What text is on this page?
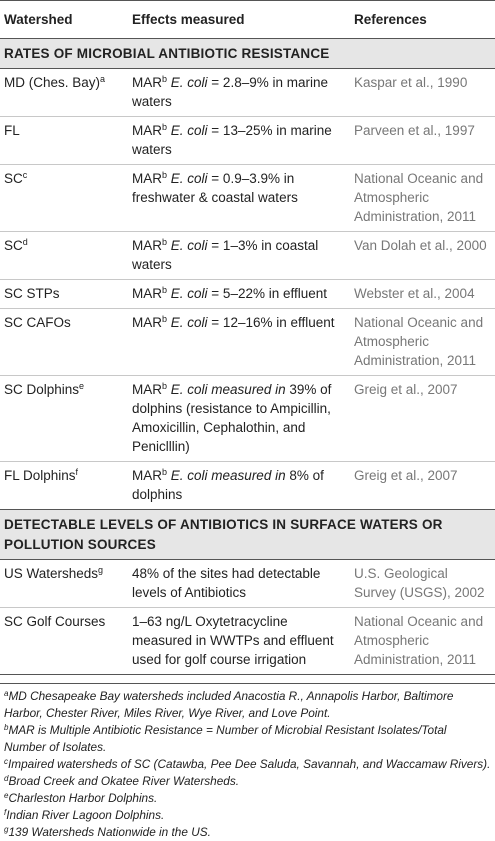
Watershed	Effects measured	References
RATES OF MICROBIAL ANTIBIOTIC RESISTANCE		
MD (Ches. Bay)$^a$	MAR$^b$ E. coli = 2.8–9% in marine waters	Kaspar et al., 1990
FL	MAR$^b$ E. coli = 13–25% in marine waters	Parveen et al., 1997
$SC^c$	MAR$^b$ E. coli = 0.9–3.9% in freshwater & coastal waters	National Oceanic and Atmospheric Administration, 2011
$SC^d$	MAR$^b$ E. coli = 1–3% in coastal waters	Van Dolah et al., 2000
SC STPs	MAR$^b$ E. coli = 5–22% in effluent	Webster et al., 2004
SC CAFOs	MAR$^b$ E. coli = 12–16% in effluent	National Oceanic and Atmospheric Administration, 2011
SC Dolphins$^e$	MAR$^b$ E. coli measured in 39% of dolphins (resistance to Ampicillin, Amoxicillin, Cephalothin, and Peniclllin)	Greig et al., 2007
FL Dolphins$^f$	MAR$^b$ E. coli measured in 8% of dolphins	Greig et al., 2007
DETECTABLE LEVELS OF ANTIBIOTICS IN SURFACE WATERS OR POLLUTION SOURCES		
US Watersheds$^g$	48% of the sites had detectable levels of Antibiotics	U.S. Geological Survey (USGS), 2002
SC Golf Courses	1–63 ng/L Oxytetracycline measured in WWTPs and effluent used for golf course irrigation	National Oceanic and Atmospheric Administration, 2011

$^a$MD Chesapeake Bay watersheds included Anacostia R., Annapolis Harbor, Baltimore Harbor, Chester River, Miles River, Wye River, and Love Point.

$^b$MAR is Multiple Antibiotic Resistance = Number of Microbial Resistant Isolates/Total Number of Isolates.

$^c$Impaired watersheds of SC (Catawba, Pee Dee Saluda, Savannah, and Waccamaw Rivers).

$^d$Broad Creek and Okatee River Watersheds.

$^e$Charleston Harbor Dolphins.

$^f$Indian River Lagoon Dolphins.

$^g$139 Watersheds Nationwide in the US.
